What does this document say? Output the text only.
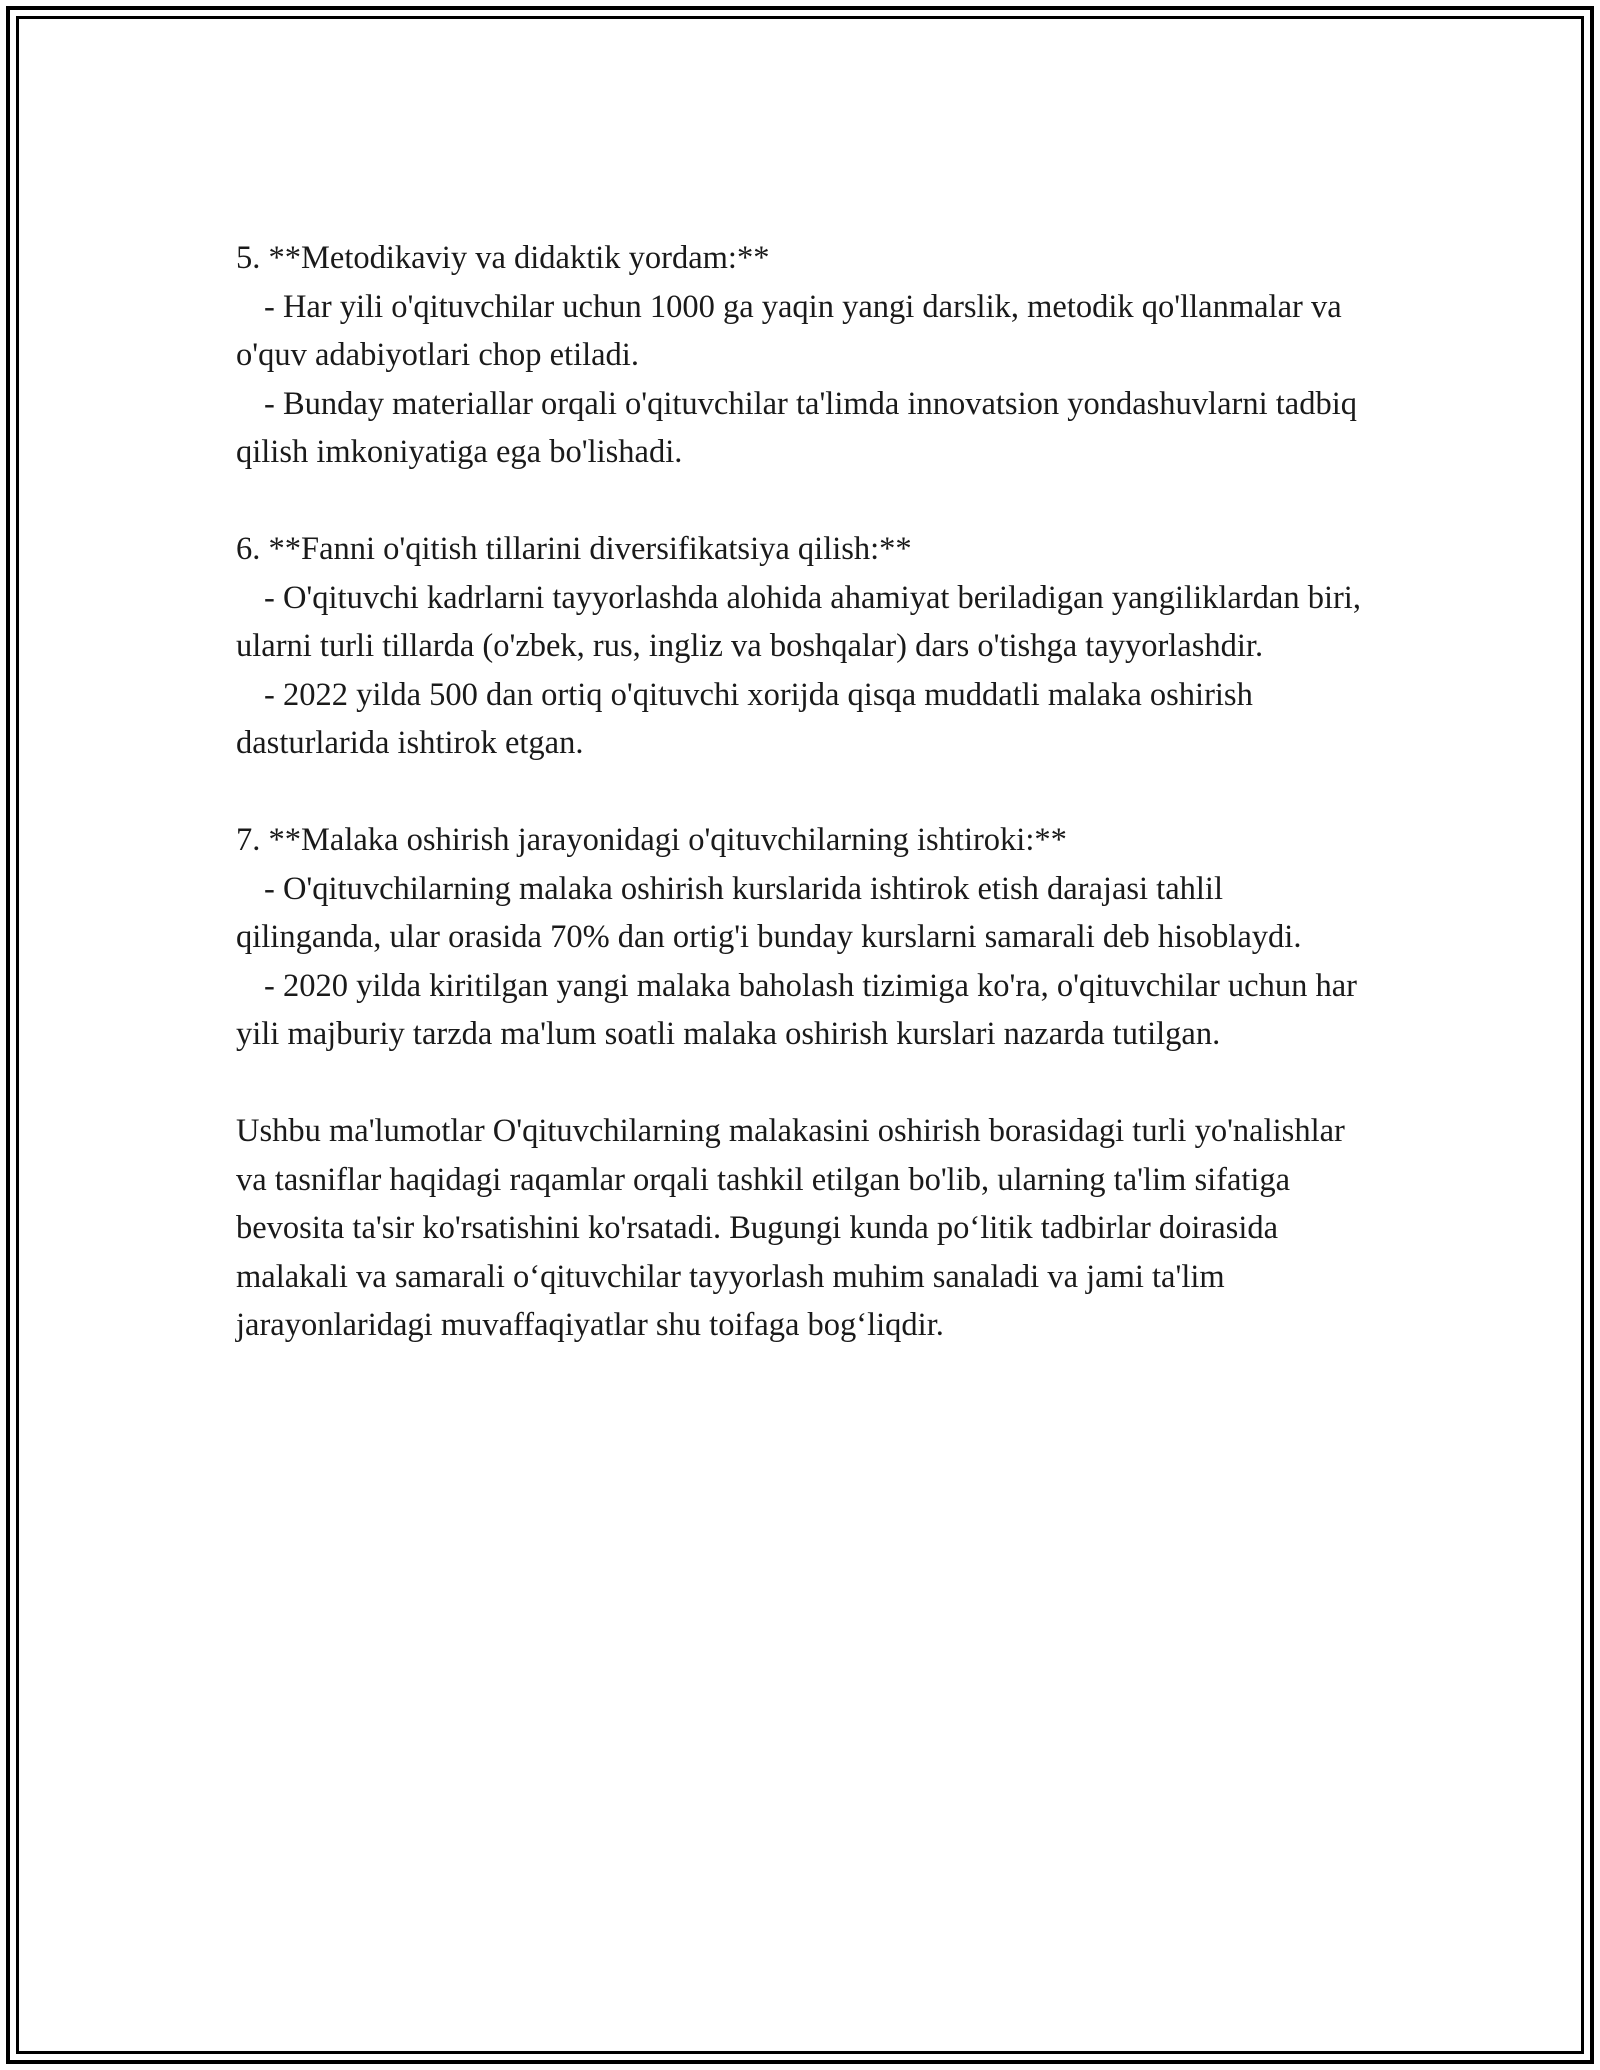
5. **Metodikaviy va didaktik yordam:**

- Har yili o'qituvchilar uchun 1000 ga yaqin yangi darslik, metodik qo'llanmalar va o'quv adabiyotlari chop etiladi.

- Bunday materiallar orqali o'qituvchilar ta'limda innovatsion yondashuvlarni tadbiq qilish imkoniyatiga ega bo'lishadi.

6. **Fanni o'qitish tillarini diversifikatsiya qilish:**

- O'qituvchi kadrlarni tayyorlashda alohida ahamiyat beriladigan yangiliklardan biri, ularni turli tillarda (o'zbek, rus, ingliz va boshqalar) dars o'tishga tayyorlashdir.

- 2022 yilda 500 dan ortiq o'qituvchi xorijda qisqa muddatli malaka oshirish dasturlarida ishtirok etgan.

7. **Malaka oshirish jarayonidagi o'qituvchilarning ishtiroki:**

- O'qituvchilarning malaka oshirish kurslarida ishtirok etish darajasi tahlil qilinganda, ular orasida 70% dan ortig'i bunday kurslarni samarali deb hisoblaydi.

- 2020 yilda kiritilgan yangi malaka baholash tizimiga ko'ra, o'qituvchilar uchun har yili majburiy tarzda ma'lum soatli malaka oshirish kurslari nazarda tutilgan.

Ushbu ma'lumotlar O'qituvchilarning malakasini oshirish borasidagi turli yo'nalishlar va tasniflar haqidagi raqamlar orqali tashkil etilgan bo'lib, ularning ta'lim sifatiga bevosita ta'sir ko'rsatishini ko'rsatadi. Bugungi kunda po‘litik tadbirlar doirasida malakali va samarali o‘qituvchilar tayyorlash muhim sanaladi va jami ta'lim jarayonlaridagi muvaffaqiyatlar shu toifaga bog‘liqdir.
